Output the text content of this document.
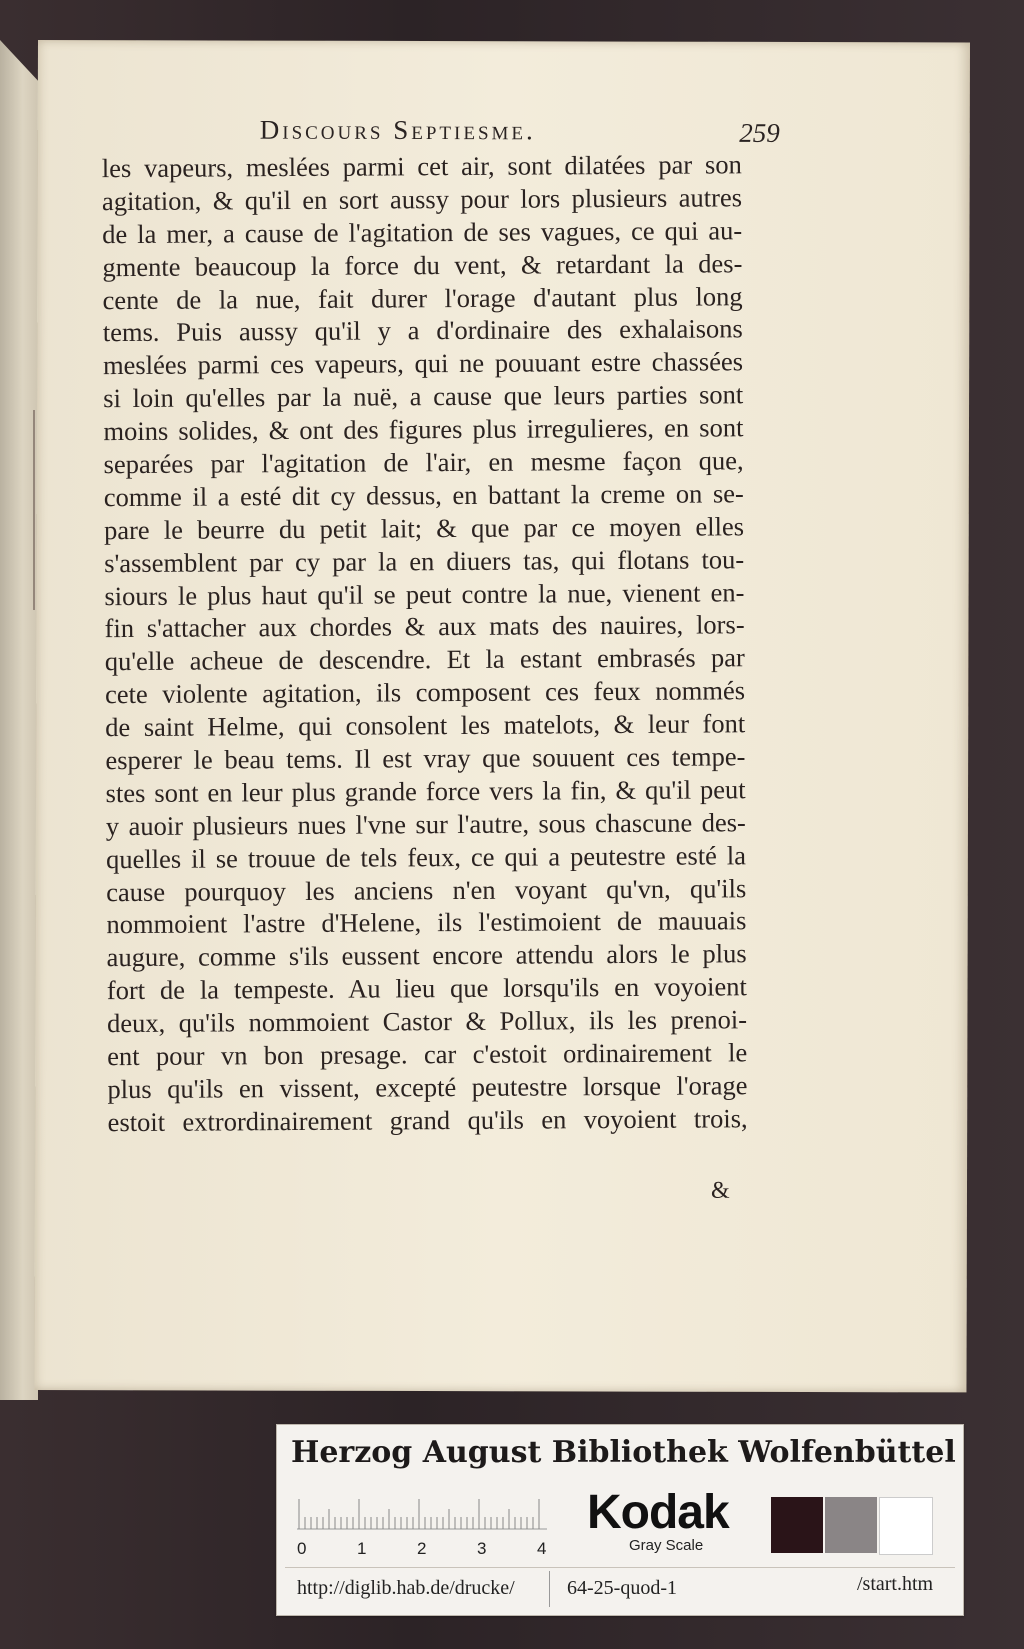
Discours Septiesme.	259
les vapeurs, meslées parmi cet air, sont dilatées par son
agitation, & qu'il en sort aussy pour lors plusieurs autres
de la mer, a cause de l'agitation de ses vagues, ce qui au-
gmente beaucoup la force du vent, & retardant la des-
cente de la nue, fait durer l'orage d'autant plus long
tems. Puis aussy qu'il y a d'ordinaire des exhalaisons
meslées parmi ces vapeurs, qui ne pouuant estre chassées
si loin qu'elles par la nuë, a cause que leurs parties sont
moins solides, & ont des figures plus irregulieres, en sont
separées par l'agitation de l'air, en mesme façon que,
comme il a esté dit cy dessus, en battant la creme on se-
pare le beurre du petit lait; & que par ce moyen elles
s'assemblent par cy par la en diuers tas, qui flotans tou-
siours le plus haut qu'il se peut contre la nue, vienent en-
fin s'attacher aux chordes & aux mats des nauires, lors-
qu'elle acheue de descendre. Et la estant embrasés par
cete violente agitation, ils composent ces feux nommés
de saint Helme, qui consolent les matelots, & leur font
esperer le beau tems. Il est vray que souuent ces tempe-
stes sont en leur plus grande force vers la fin, & qu'il peut
y auoir plusieurs nues l'vne sur l'autre, sous chascune des-
quelles il se trouue de tels feux, ce qui a peutestre esté la
cause pourquoy les anciens n'en voyant qu'vn, qu'ils
nommoient l'astre d'Helene, ils l'estimoient de mauuais
augure, comme s'ils eussent encore attendu alors le plus
fort de la tempeste. Au lieu que lorsqu'ils en voyoient
deux, qu'ils nommoient Castor & Pollux, ils les prenoi-
ent pour vn bon presage. car c'estoit ordinairement le
plus qu'ils en vissent, excepté peutestre lorsque l'orage
estoit extrordinairement grand qu'ils en voyoient trois,
&
Herzog August Bibliothek Wolfenbüttel
0	1	2	3	4
Kodak
Gray Scale
http://diglib.hab.de/drucke/	64-25-quod-1	/start.htm
